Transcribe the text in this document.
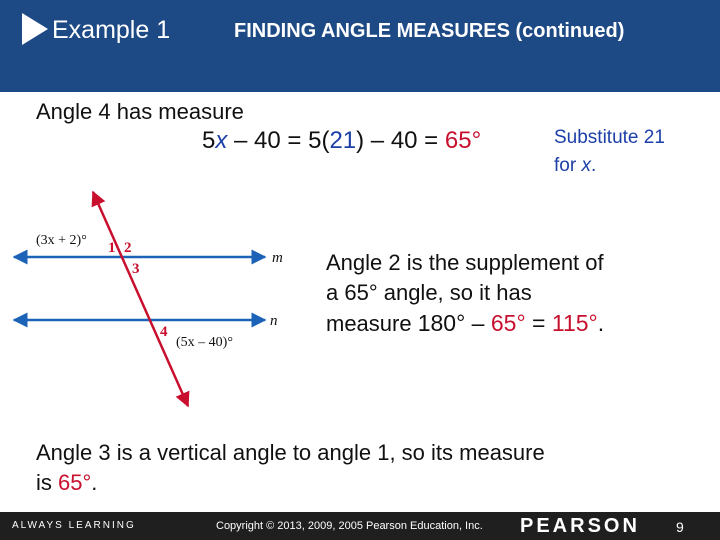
Example 1	FINDING ANGLE MEASURES (continued)
Angle 4 has measure
5x – 40 = 5(21) – 40 = 65°	Substitute 21
for x.
(3x + 2)°
(5x – 40)°
1 2
3
4
m
n
Angle 2 is the supplement of
a 65° angle, so it has
measure 180° – 65° = 115°.
Angle 3 is a vertical angle to angle 1, so its measure
is 65°.
ALWAYS LEARNING	Copyright © 2013, 2009, 2005 Pearson Education, Inc. PEARSON	9
